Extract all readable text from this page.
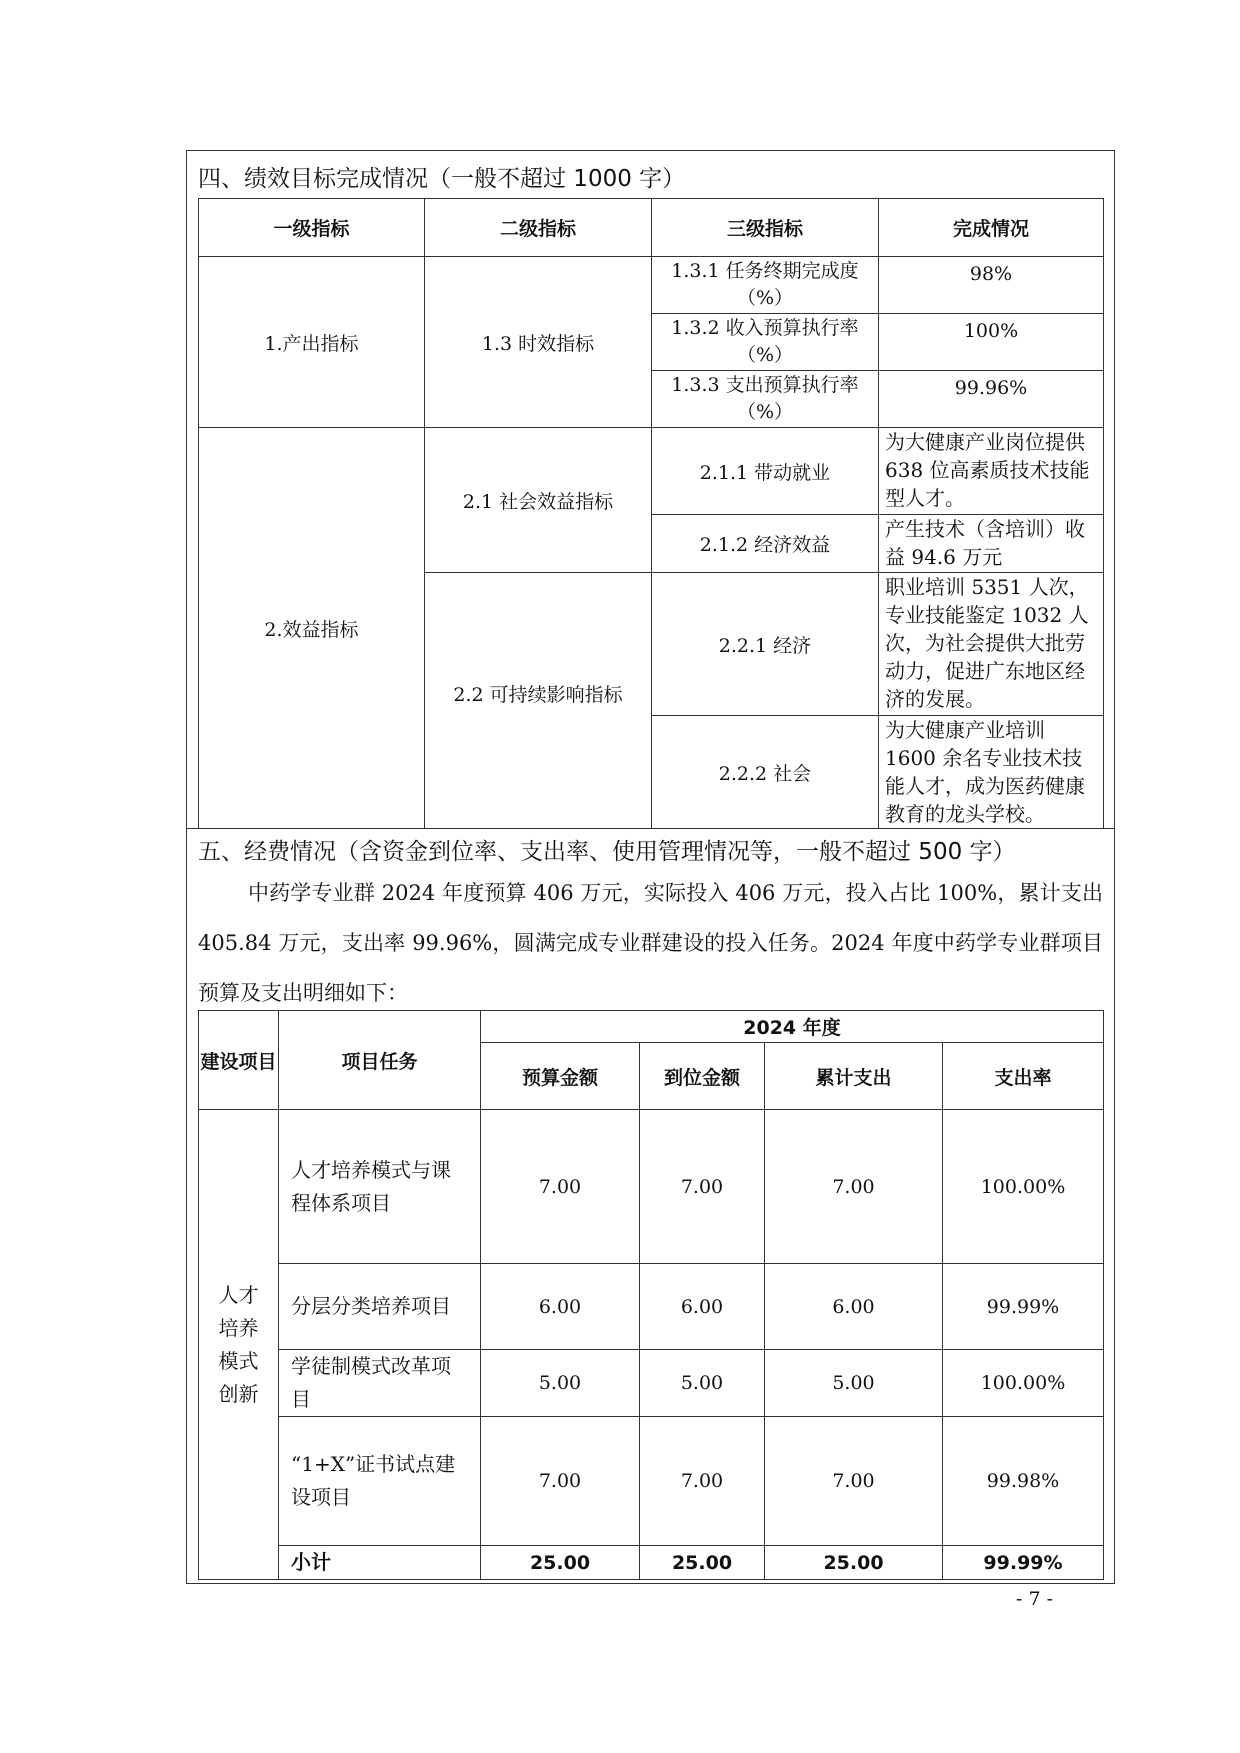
四、绩效目标完成情况（一般不超过 1000 字）
一级指标	二级指标	三级指标	完成情况
1.产出指标	1.3 时效指标	1.3.1 任务终期完成度（%）	98%
		1.3.2 收入预算执行率（%）	100%
		1.3.3 支出预算执行率（%）	99.96%
2.效益指标	2.1 社会效益指标	2.1.1 带动就业	为大健康产业岗位提供 638 位高素质技术技能型人才。
		2.1.2 经济效益	产生技术（含培训）收益 94.6 万元
	2.2 可持续影响指标	2.2.1 经济	职业培训 5351 人次，专业技能鉴定 1032 人次，为社会提供大批劳动力，促进广东地区经济的发展。
		2.2.2 社会	为大健康产业培训 1600 余名专业技术技能人才，成为医药健康教育的龙头学校。
五、经费情况（含资金到位率、支出率、使用管理情况等，一般不超过 500 字）
中药学专业群 2024 年度预算 406 万元，实际投入 406 万元，投入占比 100%，累计支出 405.84 万元，支出率 99.96%，圆满完成专业群建设的投入任务。2024 年度中药学专业群项目预算及支出明细如下：
建设项目	项目任务	2024 年度			
		预算金额	到位金额	累计支出	支出率
人才培养模式创新	人才培养模式与课程体系项目	7.00	7.00	7.00	100.00%
	分层分类培养项目	6.00	6.00	6.00	99.99%
	学徒制模式改革项目	5.00	5.00	5.00	100.00%
	“1+X”证书试点建设项目	7.00	7.00	7.00	99.98%
	小计	25.00	25.00	25.00	99.99%
- 7 -
